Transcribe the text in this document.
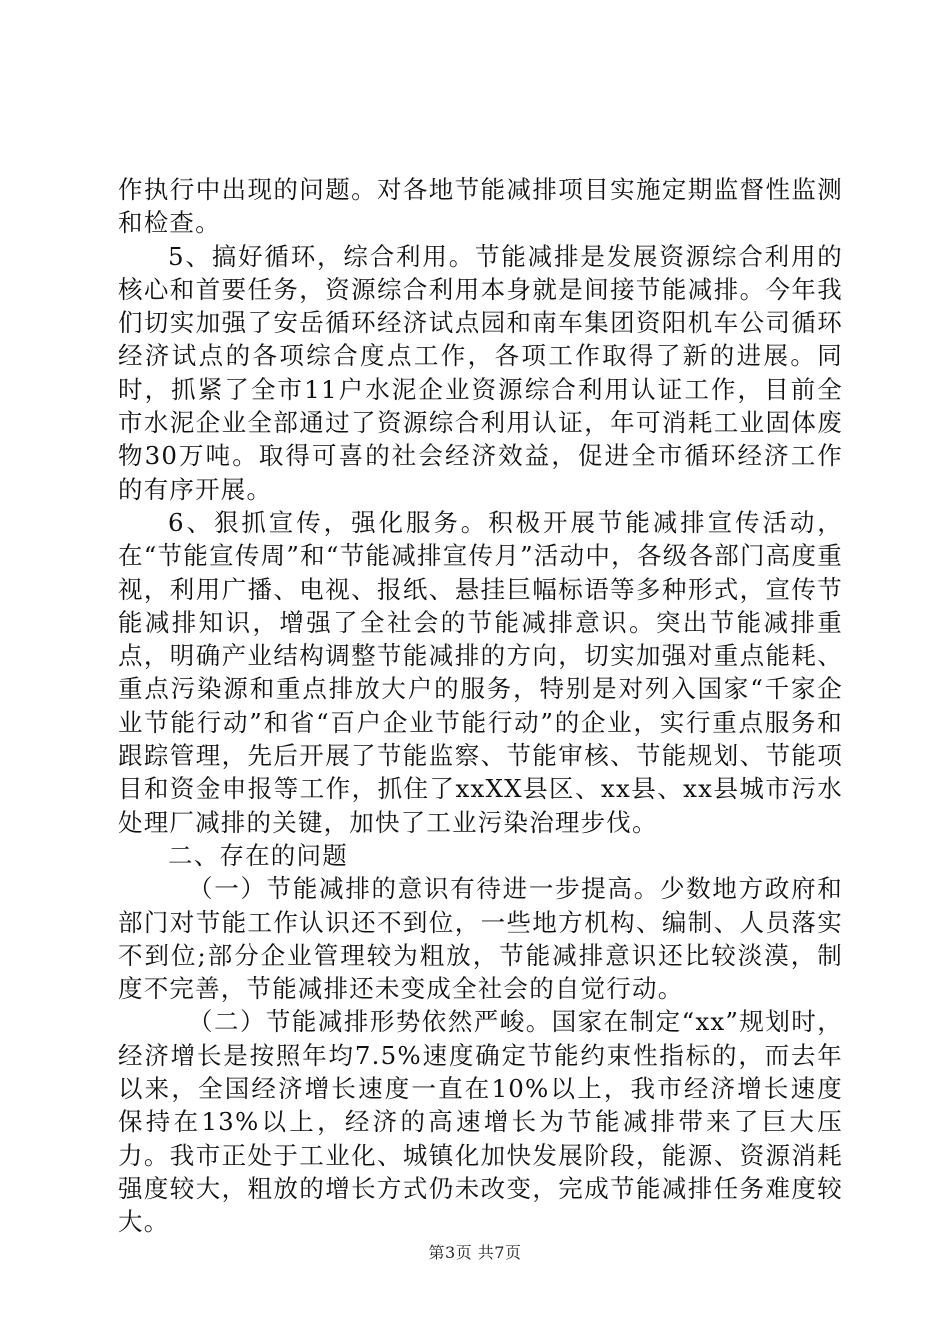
作执行中出现的问题。对各地节能减排项目实施定期监督性监测和检查。

5、搞好循环，综合利用。节能减排是发展资源综合利用的核心和首要任务，资源综合利用本身就是间接节能减排。今年我们切实加强了安岳循环经济试点园和南车集团资阳机车公司循环经济试点的各项综合度点工作，各项工作取得了新的进展。同时，抓紧了全市11户水泥企业资源综合利用认证工作，目前全市水泥企业全部通过了资源综合利用认证，年可消耗工业固体废物30万吨。取得可喜的社会经济效益，促进全市循环经济工作的有序开展。

6、狠抓宣传，强化服务。积极开展节能减排宣传活动，在“节能宣传周”和“节能减排宣传月”活动中，各级各部门高度重视，利用广播、电视、报纸、悬挂巨幅标语等多种形式，宣传节能减排知识，增强了全社会的节能减排意识。突出节能减排重点，明确产业结构调整节能减排的方向，切实加强对重点能耗、重点污染源和重点排放大户的服务，特别是对列入国家“千家企业节能行动”和省“百户企业节能行动”的企业，实行重点服务和跟踪管理，先后开展了节能监察、节能审核、节能规划、节能项目和资金申报等工作，抓住了xxXX县区、xx县、xx县城市污水处理厂减排的关键，加快了工业污染治理步伐。

二、存在的问题

（一）节能减排的意识有待进一步提高。少数地方政府和部门对节能工作认识还不到位，一些地方机构、编制、人员落实不到位;部分企业管理较为粗放，节能减排意识还比较淡漠，制度不完善，节能减排还未变成全社会的自觉行动。

（二）节能减排形势依然严峻。国家在制定“xx”规划时，经济增长是按照年均7.5%速度确定节能约束性指标的，而去年以来，全国经济增长速度一直在10%以上，我市经济增长速度保持在13%以上，经济的高速增长为节能减排带来了巨大压力。我市正处于工业化、城镇化加快发展阶段，能源、资源消耗强度较大，粗放的增长方式仍未改变，完成节能减排任务难度较大。

第3页 共7页
